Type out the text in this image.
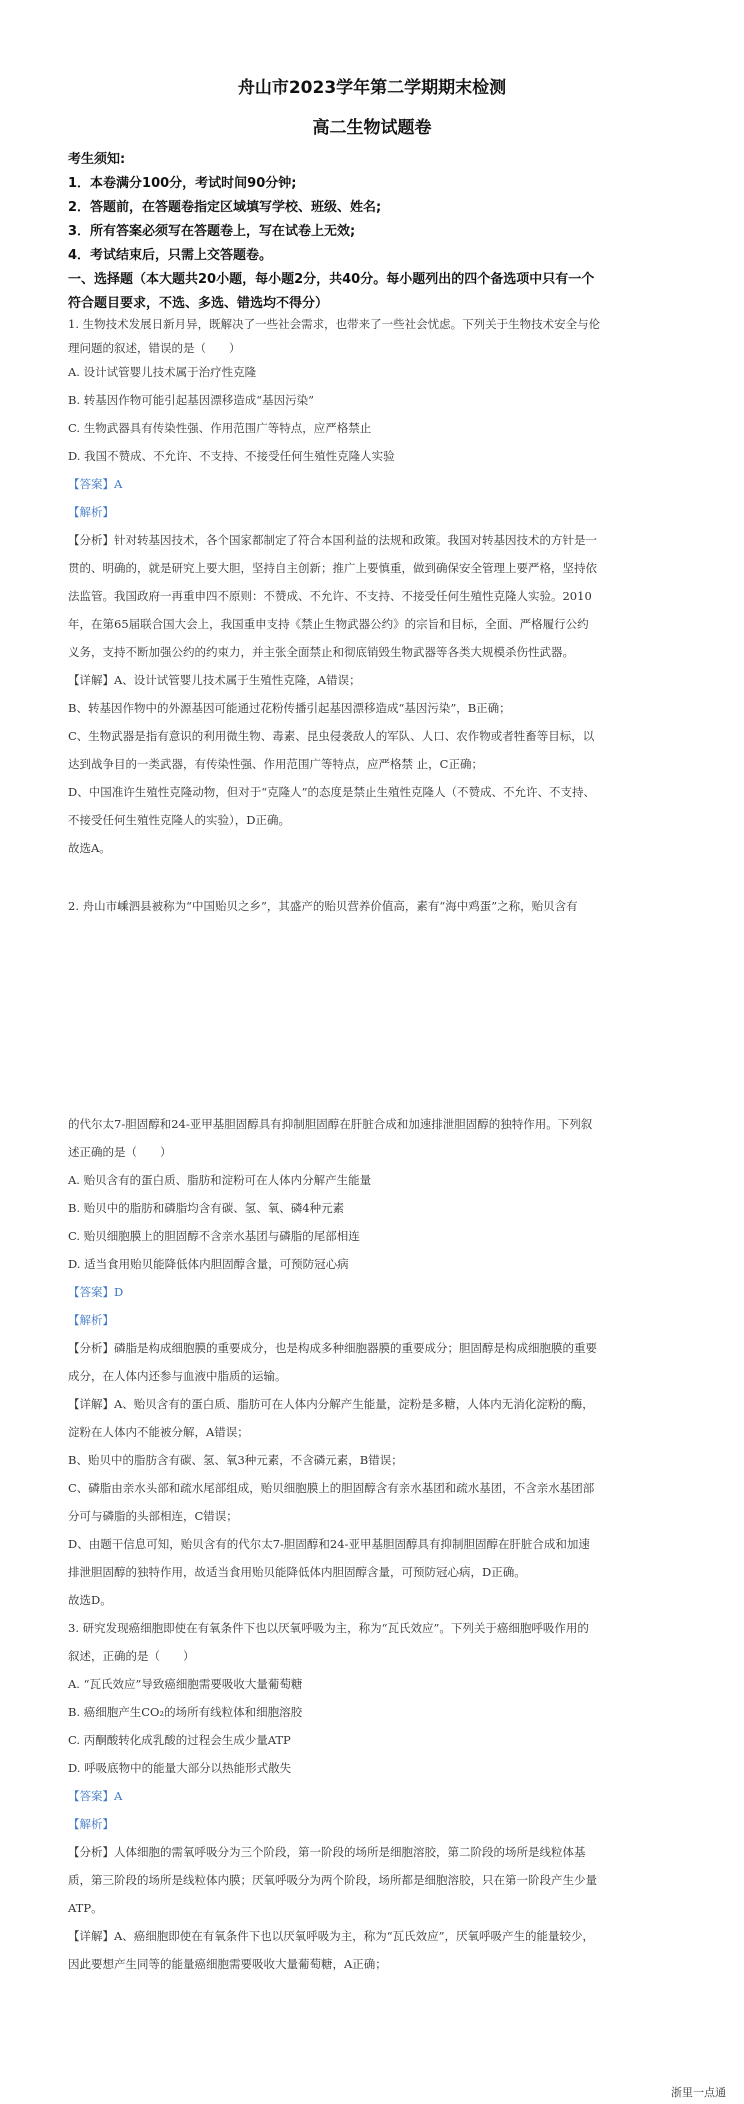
舟山市2023学年第二学期期末检测
高二生物试题卷
考生须知:
1．本卷满分100分，考试时间90分钟;
2．答题前，在答题卷指定区域填写学校、班级、姓名;
3．所有答案必须写在答题卷上，写在试卷上无效;
4．考试结束后，只需上交答题卷。
一、选择题（本大题共20小题，每小题2分，共40分。每小题列出的四个备选项中只有一个
符合题目要求，不选、多选、错选均不得分）
1. 生物技术发展日新月异，既解决了一些社会需求，也带来了一些社会忧虑。下列关于生物技术安全与伦
理问题的叙述，错误的是（　　）
A. 设计试管婴儿技术属于治疗性克隆
B. 转基因作物可能引起基因漂移造成“基因污染”
C. 生物武器具有传染性强、作用范围广等特点，应严格禁止
D. 我国不赞成、不允许、不支持、不接受任何生殖性克隆人实验
【答案】A
【解析】
【分析】针对转基因技术，各个国家都制定了符合本国利益的法规和政策。我国对转基因技术的方针是一
贯的、明确的，就是研究上要大胆，坚持自主创新；推广上要慎重，做到确保安全管理上要严格，坚持依
法监管。我国政府一再重申四不原则：不赞成、不允许、不支持、不接受任何生殖性克隆人实验。2010
年，在第65届联合国大会上，我国重申支持《禁止生物武器公约》的宗旨和目标，全面、严格履行公约
义务，支持不断加强公约的约束力，并主张全面禁止和彻底销毁生物武器等各类大规模杀伤性武器。
【详解】A、设计试管婴儿技术属于生殖性克隆，A错误；
B、转基因作物中的外源基因可能通过花粉传播引起基因漂移造成“基因污染”，B正确；
C、生物武器是指有意识的利用微生物、毒素、昆虫侵袭敌人的军队、人口、农作物或者牲畜等目标，以
达到战争目的一类武器，有传染性强、作用范围广等特点，应严格禁 止，C正确；
D、中国准许生殖性克隆动物，但对于“克隆人”的态度是禁止生殖性克隆人（不赞成、不允许、不支持、
不接受任何生殖性克隆人的实验），D正确。
故选A。
2. 舟山市嵊泗县被称为“中国贻贝之乡”，其盛产的贻贝营养价值高，素有“海中鸡蛋”之称，贻贝含有
的代尔太7-胆固醇和24-亚甲基胆固醇具有抑制胆固醇在肝脏合成和加速排泄胆固醇的独特作用。下列叙
述正确的是（　　）
A. 贻贝含有的蛋白质、脂肪和淀粉可在人体内分解产生能量
B. 贻贝中的脂肪和磷脂均含有碳、氢、氧、磷4种元素
C. 贻贝细胞膜上的胆固醇不含亲水基团与磷脂的尾部相连
D. 适当食用贻贝能降低体内胆固醇含量，可预防冠心病
【答案】D
【解析】
【分析】磷脂是构成细胞膜的重要成分，也是构成多种细胞器膜的重要成分；胆固醇是构成细胞膜的重要
成分，在人体内还参与血液中脂质的运输。
【详解】A、贻贝含有的蛋白质、脂肪可在人体内分解产生能量，淀粉是多糖，人体内无消化淀粉的酶，
淀粉在人体内不能被分解，A错误；
B、贻贝中的脂肪含有碳、氢、氧3种元素，不含磷元素，B错误；
C、磷脂由亲水头部和疏水尾部组成，贻贝细胞膜上的胆固醇含有亲水基团和疏水基团，不含亲水基团部
分可与磷脂的头部相连，C错误；
D、由题干信息可知，贻贝含有的代尔太7-胆固醇和24-亚甲基胆固醇具有抑制胆固醇在肝脏合成和加速
排泄胆固醇的独特作用，故适当食用贻贝能降低体内胆固醇含量，可预防冠心病，D正确。
故选D。
3. 研究发现癌细胞即使在有氧条件下也以厌氧呼吸为主，称为“瓦氏效应”。下列关于癌细胞呼吸作用的
叙述，正确的是（　　）
A. “瓦氏效应”导致癌细胞需要吸收大量葡萄糖
B. 癌细胞产生CO₂的场所有线粒体和细胞溶胶
C. 丙酮酸转化成乳酸的过程会生成少量ATP
D. 呼吸底物中的能量大部分以热能形式散失
【答案】A
【解析】
【分析】人体细胞的需氧呼吸分为三个阶段，第一阶段的场所是细胞溶胶，第二阶段的场所是线粒体基
质，第三阶段的场所是线粒体内膜；厌氧呼吸分为两个阶段，场所都是细胞溶胶，只在第一阶段产生少量
ATP。
【详解】A、癌细胞即使在有氧条件下也以厌氧呼吸为主，称为“瓦氏效应”，厌氧呼吸产生的能量较少，
因此要想产生同等的能量癌细胞需要吸收大量葡萄糖，A正确；
浙里一点通
